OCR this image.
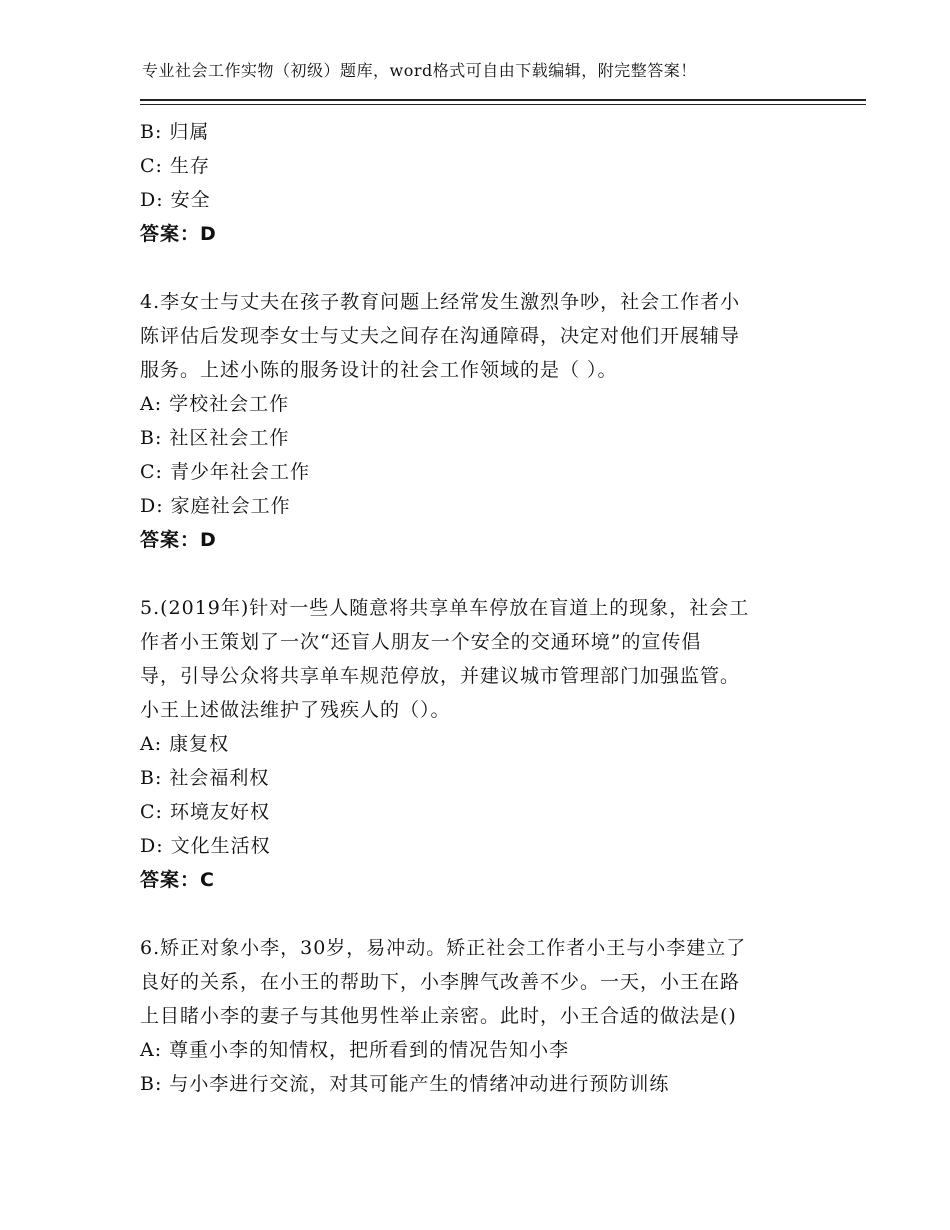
专业社会工作实物（初级）题库，word格式可自由下载编辑，附完整答案！
B: 归属
C: 生存
D: 安全
答案：D
4.李女士与丈夫在孩子教育问题上经常发生激烈争吵，社会工作者小
陈评估后发现李女士与丈夫之间存在沟通障碍，决定对他们开展辅导
服务。上述小陈的服务设计的社会工作领域的是（ ）。
A: 学校社会工作
B: 社区社会工作
C: 青少年社会工作
D: 家庭社会工作
答案：D
5.(2019年)针对一些人随意将共享单车停放在盲道上的现象，社会工
作者小王策划了一次“还盲人朋友一个安全的交通环境”的宣传倡
导，引导公众将共享单车规范停放，并建议城市管理部门加强监管。
小王上述做法维护了残疾人的（）。
A: 康复权
B: 社会福利权
C: 环境友好权
D: 文化生活权
答案：C
6.矫正对象小李，30岁，易冲动。矫正社会工作者小王与小李建立了
良好的关系，在小王的帮助下，小李脾气改善不少。一天，小王在路
上目睹小李的妻子与其他男性举止亲密。此时，小王合适的做法是()
A: 尊重小李的知情权，把所看到的情况告知小李
B: 与小李进行交流，对其可能产生的情绪冲动进行预防训练
